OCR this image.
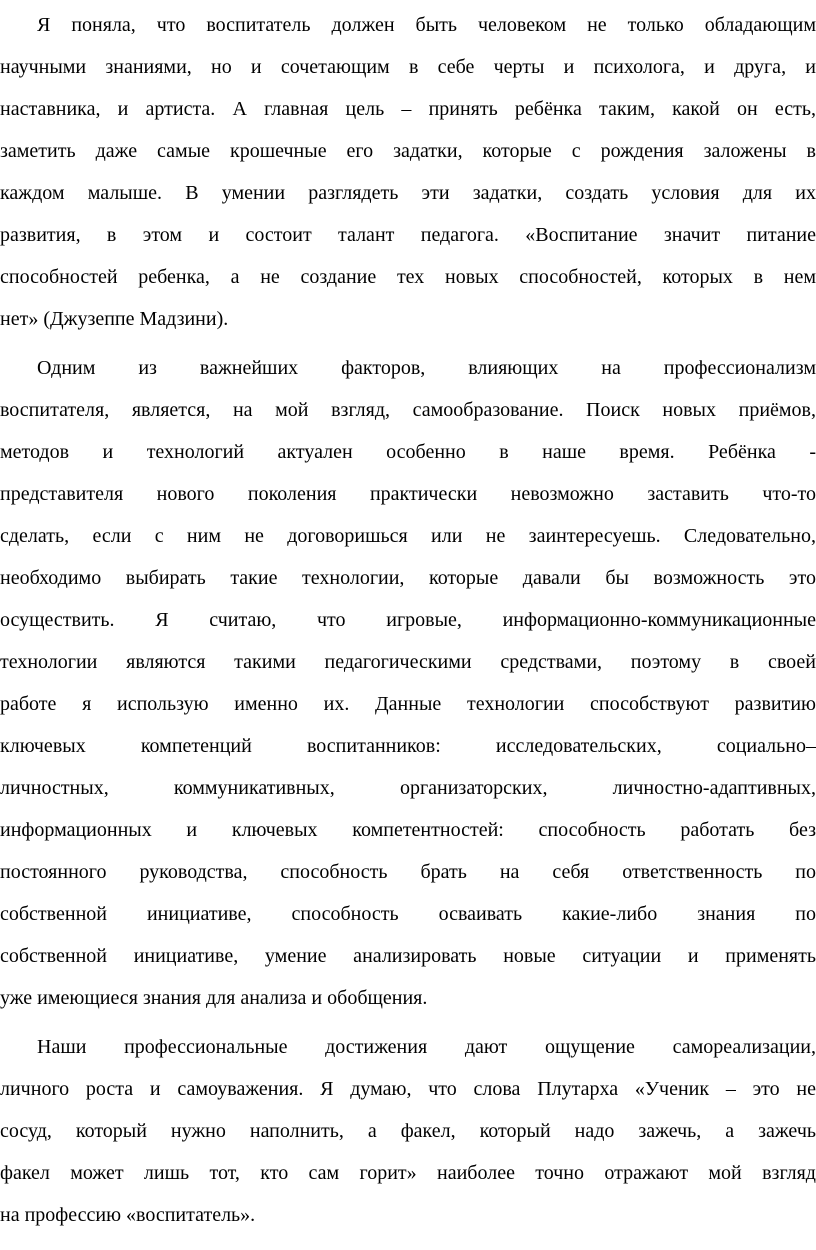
Я поняла, что воспитатель должен быть человеком не только обладающим
научными знаниями, но и сочетающим в себе черты и психолога, и друга, и
наставника, и артиста. А главная цель – принять ребёнка таким, какой он есть,
заметить даже самые крошечные его задатки, которые с рождения заложены в
каждом малыше. В умении разглядеть эти задатки, создать условия для их
развития, в этом и состоит талант педагога. «Воспитание значит питание
способностей ребенка, а не создание тех новых способностей, которых в нем
нет» (Джузеппе Мадзини).
Одним из важнейших факторов, влияющих на профессионализм
воспитателя, является, на мой взгляд, самообразование. Поиск новых приёмов,
методов и технологий актуален особенно в наше время. Ребёнка -
представителя нового поколения практически невозможно заставить что-то
сделать, если с ним не договоришься или не заинтересуешь. Следовательно,
необходимо выбирать такие технологии, которые давали бы возможность это
осуществить. Я считаю, что игровые, информационно-коммуникационные
технологии являются такими педагогическими средствами, поэтому в своей
работе я использую именно их. Данные технологии способствуют развитию
ключевых компетенций воспитанников: исследовательских, социально–
личностных, коммуникативных, организаторских, личностно-адаптивных,
информационных и ключевых компетентностей: способность работать без
постоянного руководства, способность брать на себя ответственность по
собственной инициативе, способность осваивать какие-либо знания по
собственной инициативе, умение анализировать новые ситуации и применять
уже имеющиеся знания для анализа и обобщения.
Наши профессиональные достижения дают ощущение самореализации,
личного роста и самоуважения. Я думаю, что слова Плутарха «Ученик – это не
сосуд, который нужно наполнить, а факел, который надо зажечь, а зажечь
факел может лишь тот, кто сам горит» наиболее точно отражают мой взгляд
на профессию «воспитатель».
